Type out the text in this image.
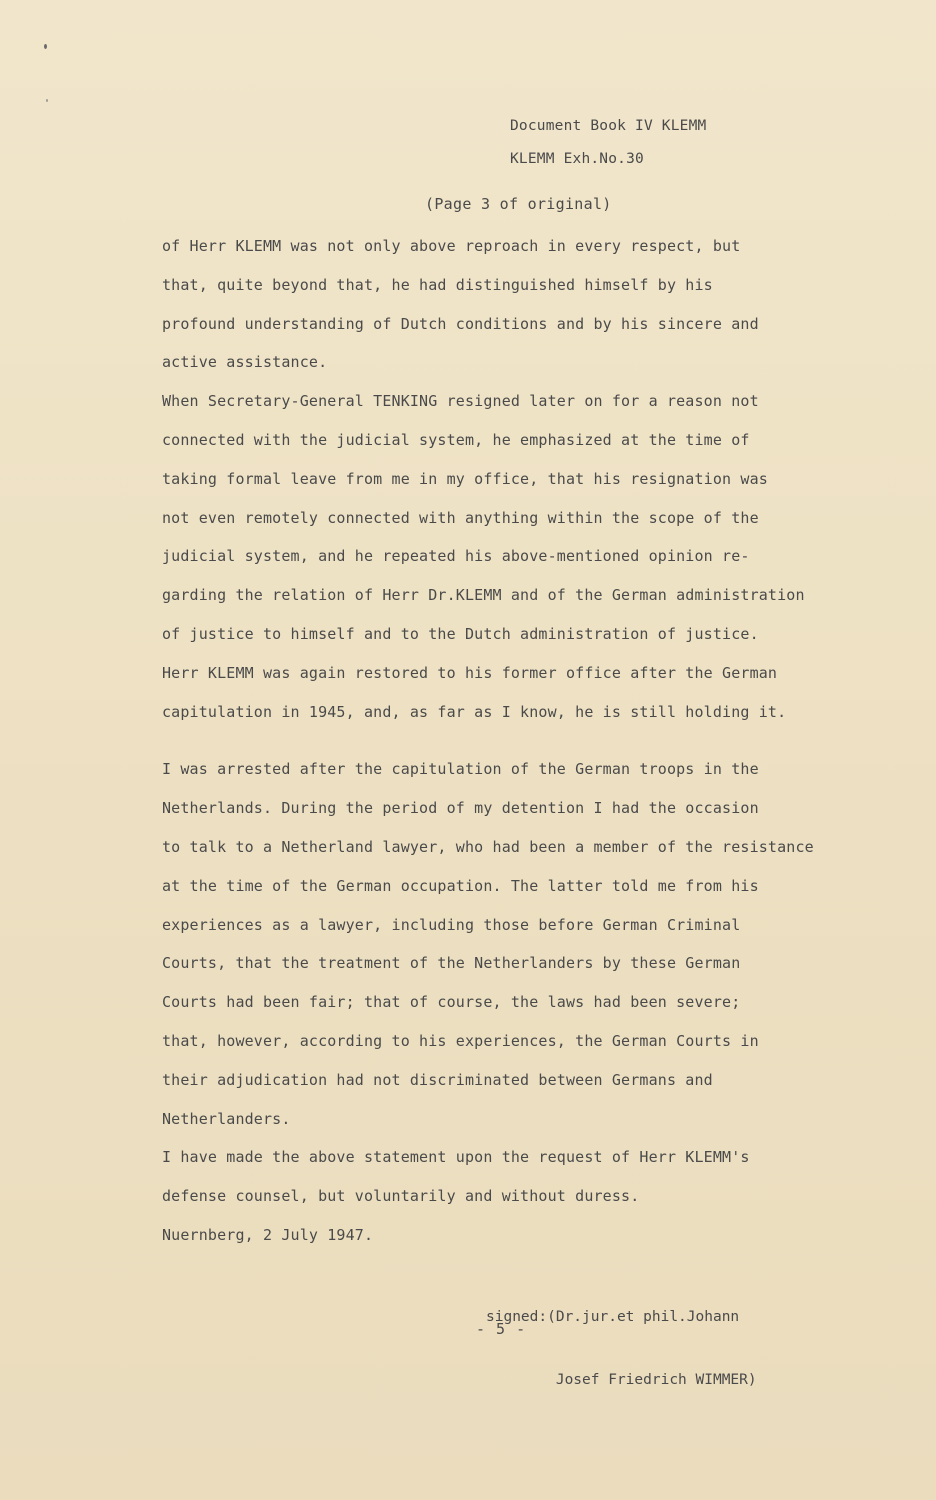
Document Book IV KLEMM
KLEMM Exh.No.30
(Page 3 of original)
of Herr KLEMM was not only above reproach in every respect, but
that, quite beyond that, he had distinguished himself by his
profound understanding of Dutch conditions and by his sincere and
active assistance.
When Secretary-General TENKING resigned later on for a reason not
connected with the judicial system, he emphasized at the time of
taking formal leave from me in my office, that his resignation was
not even remotely connected with anything within the scope of the
judicial system, and he repeated his above-mentioned opinion re-
garding the relation of Herr Dr.KLEMM and of the German administration
of justice to himself and to the Dutch administration of justice.
Herr KLEMM was again restored to his former office after the German
capitulation in 1945, and, as far as I know, he is still holding it.
I was arrested after the capitulation of the German troops in the
Netherlands. During the period of my detention I had the occasion
to talk to a Netherland lawyer, who had been a member of the resistance
at the time of the German occupation. The latter told me from his
experiences as a lawyer, including those before German Criminal
Courts, that the treatment of the Netherlanders by these German
Courts had been fair; that of course, the laws had been severe;
that, however, according to his experiences, the German Courts in
their adjudication had not discriminated between Germans and
Netherlanders.
I have made the above statement upon the request of Herr KLEMM's
defense counsel, but voluntarily and without duress.
Nuernberg, 2 July 1947.

signed:(Dr.jur.et phil.Johann

Josef Friedrich WIMMER)

- 5 -
